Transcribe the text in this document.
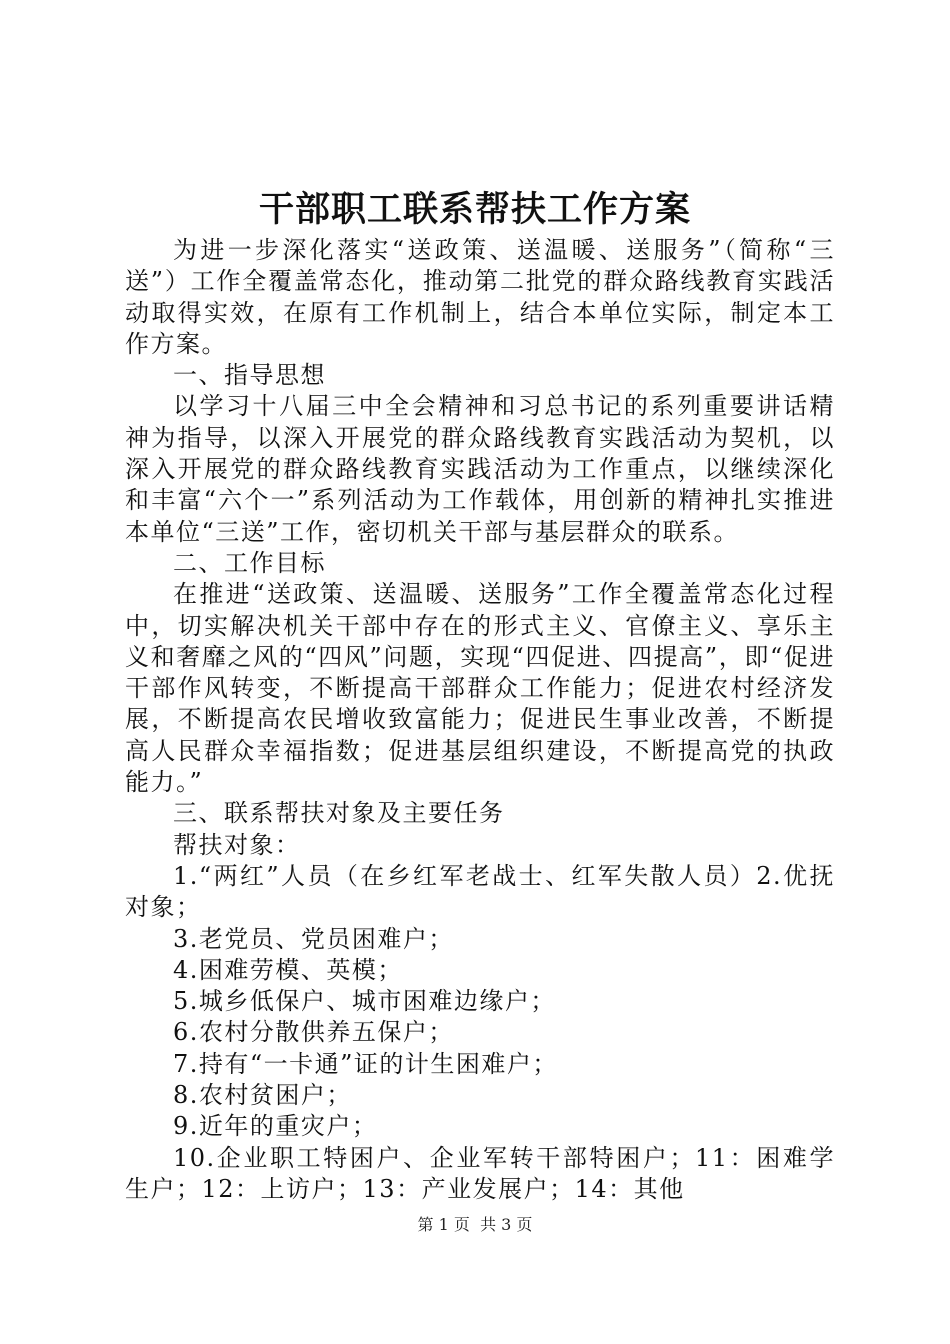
干部职工联系帮扶工作方案

为进一步深化落实“送政策、送温暖、送服务”（简称“三送”）工作全覆盖常态化，推动第二批党的群众路线教育实践活动取得实效，在原有工作机制上，结合本单位实际，制定本工作方案。

一、指导思想

以学习十八届三中全会精神和习总书记的系列重要讲话精神为指导，以深入开展党的群众路线教育实践活动为契机，以深入开展党的群众路线教育实践活动为工作重点，以继续深化和丰富“六个一”系列活动为工作载体，用创新的精神扎实推进本单位“三送”工作，密切机关干部与基层群众的联系。

二、工作目标

在推进“送政策、送温暖、送服务”工作全覆盖常态化过程中，切实解决机关干部中存在的形式主义、官僚主义、享乐主义和奢靡之风的“四风”问题，实现“四促进、四提高”，即“促进干部作风转变，不断提高干部群众工作能力；促进农村经济发展，不断提高农民增收致富能力；促进民生事业改善，不断提高人民群众幸福指数；促进基层组织建设，不断提高党的执政能力。”

三、联系帮扶对象及主要任务

帮扶对象：

1.“两红”人员（在乡红军老战士、红军失散人员）2.优抚对象；

3.老党员、党员困难户；

4.困难劳模、英模；

5.城乡低保户、城市困难边缘户；

6.农村分散供养五保户；

7.持有“一卡通”证的计生困难户；

8.农村贫困户；

9.近年的重灾户；

10.企业职工特困户、企业军转干部特困户；11：困难学生户；12：上访户；13：产业发展户；14：其他

第 1 页  共 3 页
